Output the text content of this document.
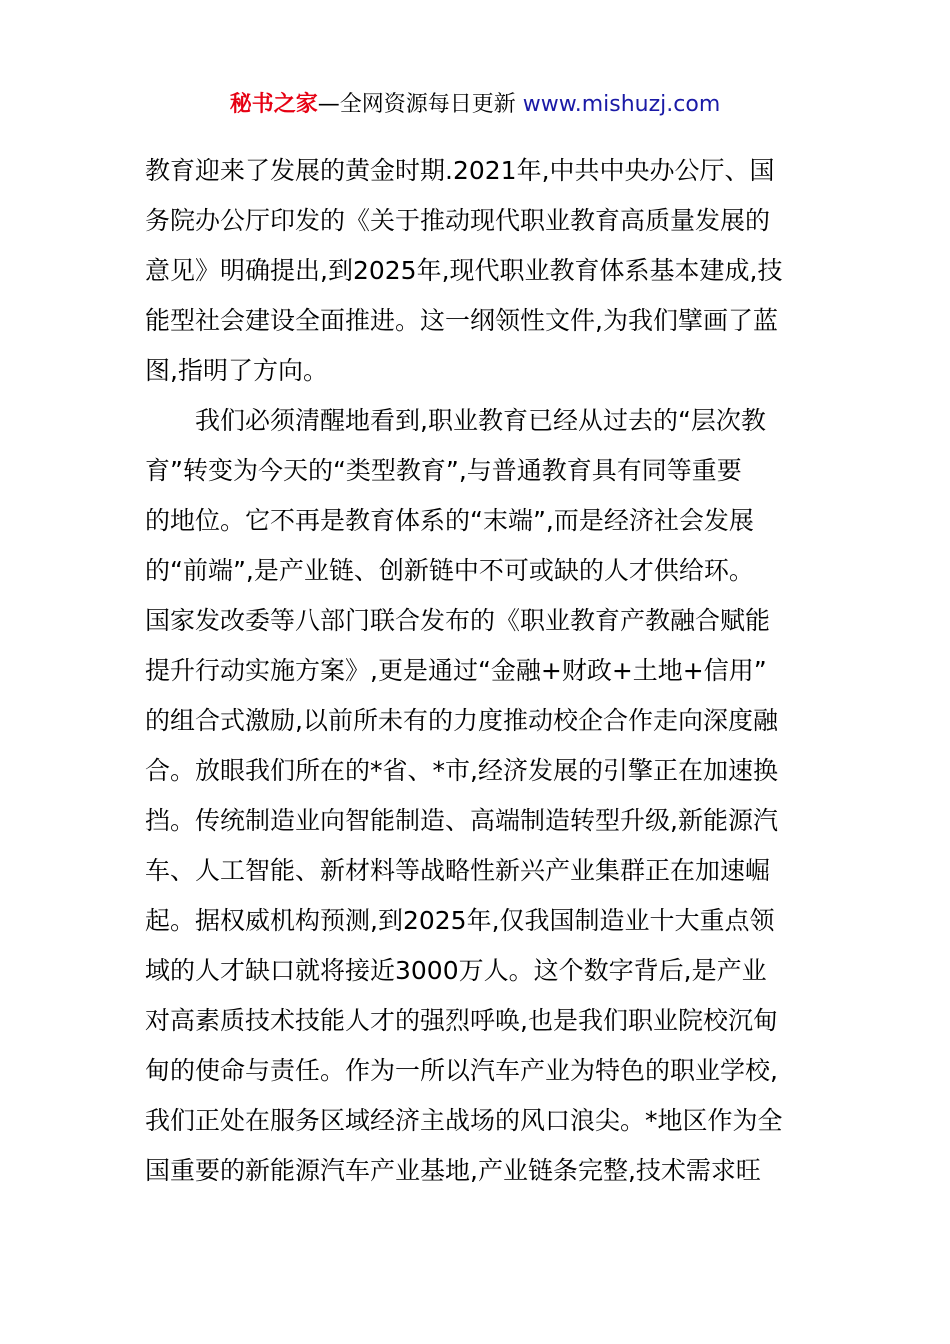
秘书之家—全网资源每日更新 www.mishuzj.com
教育迎来了发展的黄金时期.2021年,中共中央办公厅、国
务院办公厅印发的《关于推动现代职业教育高质量发展的
意见》明确提出,到2025年,现代职业教育体系基本建成,技
能型社会建设全面推进。这一纲领性文件,为我们擘画了蓝
图,指明了方向。
　　我们必须清醒地看到,职业教育已经从过去的“层次教
育”转变为今天的“类型教育”,与普通教育具有同等重要
的地位。它不再是教育体系的“末端”,而是经济社会发展
的“前端”,是产业链、创新链中不可或缺的人才供给环。
国家发改委等八部门联合发布的《职业教育产教融合赋能
提升行动实施方案》,更是通过“金融+财政+土地+信用”
的组合式激励,以前所未有的力度推动校企合作走向深度融
合。放眼我们所在的*省、*市,经济发展的引擎正在加速换
挡。传统制造业向智能制造、高端制造转型升级,新能源汽
车、人工智能、新材料等战略性新兴产业集群正在加速崛
起。据权威机构预测,到2025年,仅我国制造业十大重点领
域的人才缺口就将接近3000万人。这个数字背后,是产业
对高素质技术技能人才的强烈呼唤,也是我们职业院校沉甸
甸的使命与责任。作为一所以汽车产业为特色的职业学校,
我们正处在服务区域经济主战场的风口浪尖。*地区作为全
国重要的新能源汽车产业基地,产业链条完整,技术需求旺
